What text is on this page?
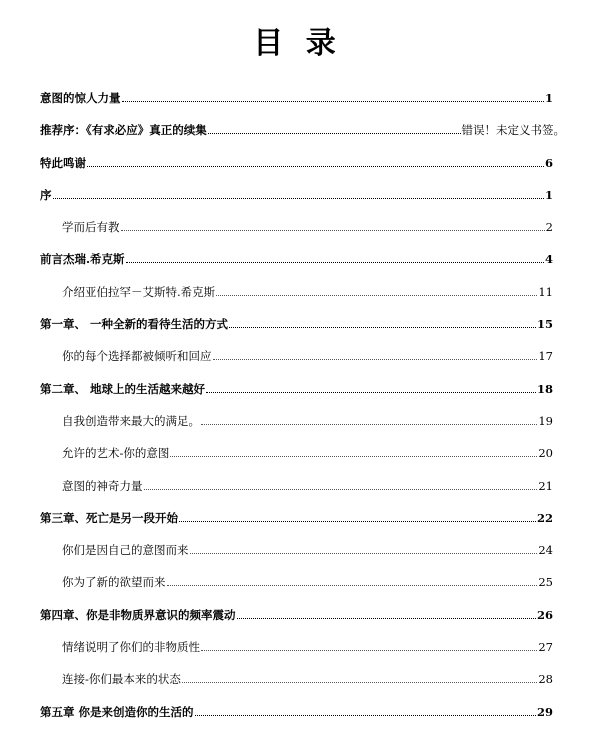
目 录
意图的惊人力量	1
推荐序：《有求必应》真正的续集	错误！未定义书签。
特此鸣谢	6
序	1
学而后有教	2
前言杰瑞.希克斯	4
介绍亚伯拉罕－艾斯特.希克斯	11
第一章、 一种全新的看待生活的方式	15
你的每个选择都被倾听和回应	17
第二章、 地球上的生活越来越好	18
自我创造带来最大的满足。	19
允许的艺术-你的意图	20
意图的神奇力量	21
第三章、死亡是另一段开始	22
你们是因自己的意图而来	24
你为了新的欲望而来	25
第四章、你是非物质界意识的频率震动	26
情绪说明了你们的非物质性	27
连接-你们最本来的状态	28
第五章 你是来创造你的生活的	29
